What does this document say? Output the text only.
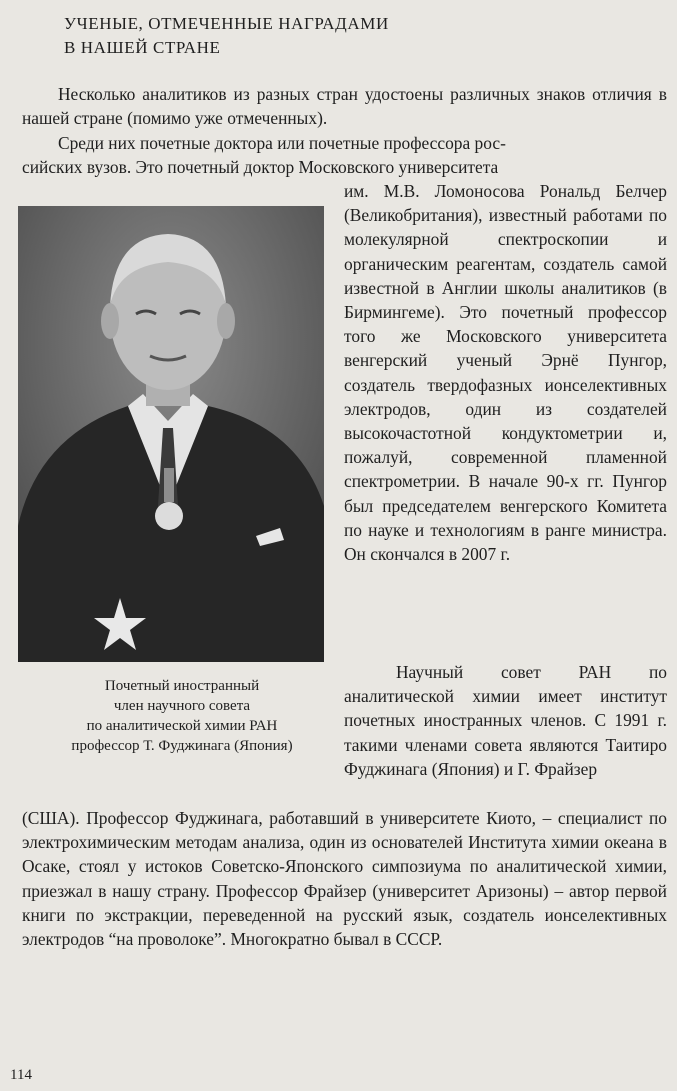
УЧЕНЫЕ, ОТМЕЧЕННЫЕ НАГРАДАМИ
В НАШЕЙ СТРАНЕ

Несколько аналитиков из разных стран удостоены различных знаков отличия в нашей стране (помимо уже отмеченных).

Среди них почетные доктора или почетные профессора рос-

сийских вузов. Это почетный доктор Московского университета

Почетный иностранный
член научного совета
по аналитической химии РАН
профессор Т. Фуджинага (Япония)

им. М.В. Ломоносова Рональд Белчер (Великобритания), известный работами по молекулярной спектроскопии и органическим реагентам, создатель самой известной в Англии школы аналитиков (в Бирмингеме). Это почетный профессор того же Московского университета венгерский ученый Эрнё Пунгор, создатель твердофазных ионселективных электродов, один из создателей высокочастотной кондуктометрии и, пожалуй, современной пламенной спектрометрии. В начале 90-х гг. Пунгор был председателем венгерского Комитета по науке и технологиям в ранге министра. Он скончался в 2007 г.

Научный совет РАН по аналитической химии имеет институт почетных иностранных членов. С 1991 г. такими членами совета являются Таитиро Фуджинага (Япония) и Г. Фрайзер

(США). Профессор Фуджинага, работавший в университете Киото, – специалист по электрохимическим методам анализа, один из основателей Института химии океана в Осаке, стоял у истоков Советско-Японского симпозиума по аналитической химии, приезжал в нашу страну. Профессор Фрайзер (университет Аризоны) – автор первой книги по экстракции, переведенной на русский язык, создатель ионселективных электродов “на проволоке”. Многократно бывал в СССР.

114
